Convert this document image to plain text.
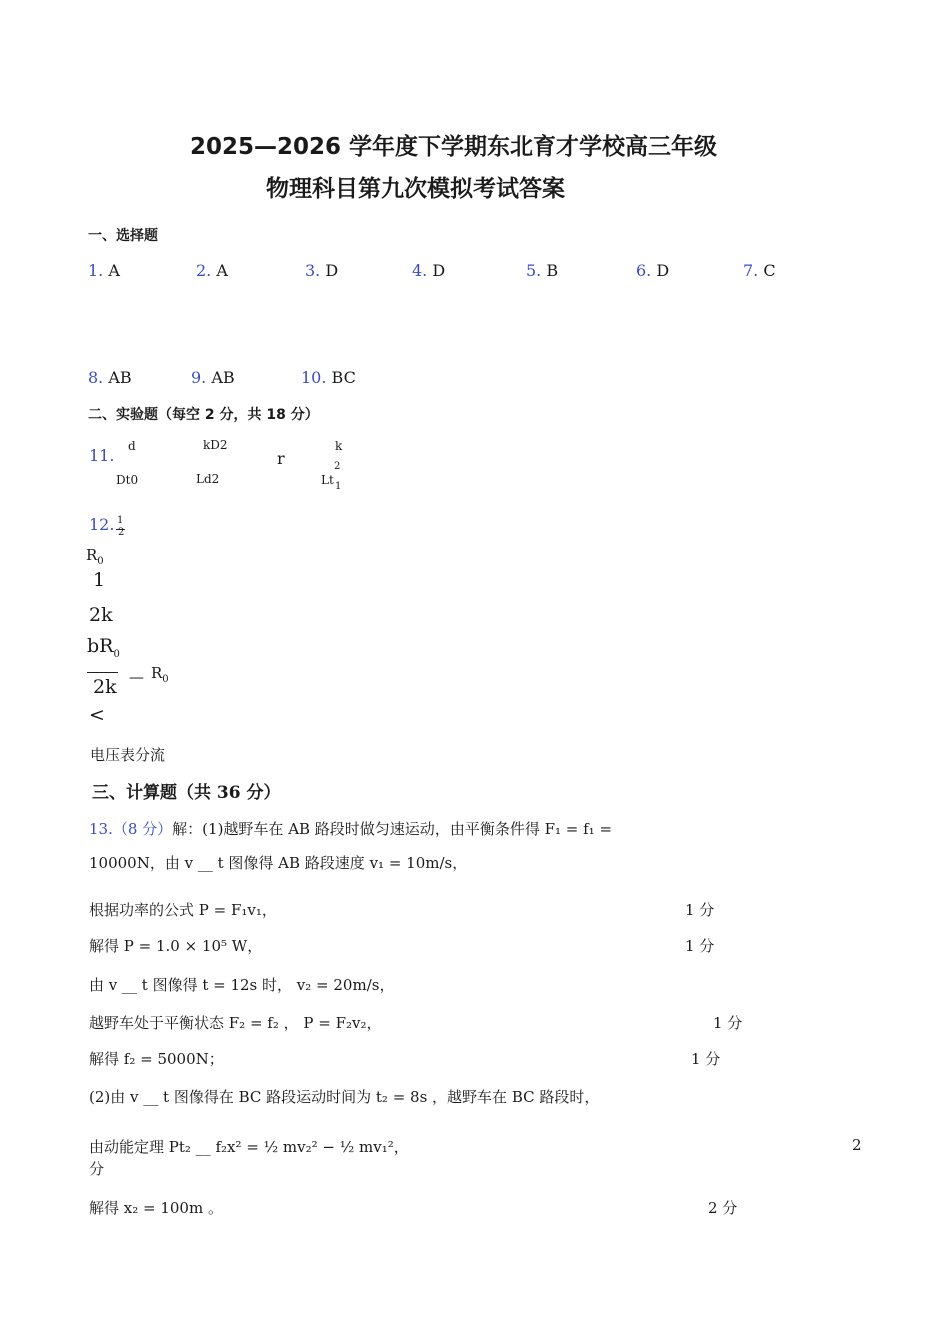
2025—2026 学年度下学期东北育才学校高三年级
物理科目第九次模拟考试答案
一、选择题
1. A	2. A	3. D	4. D	5. B	6. D	7. C
8. AB	9. AB	10. BC
二、实验题（每空 2 分，共 18 分）
11. d
Dt0
kD2
Ld2
r
k
2
Lt 1
12. 1
2
$R_0$
1
2k
$bR_0$
2k — $R_0$
<
电压表分流
三、计算题（共 36 分）
13.（8 分）解：(1)越野车在 AB 路段时做匀速运动，由平衡条件得 F₁ = f₁ =
10000N，由 v __ t 图像得 AB 路段速度 v₁ = 10m/s，
根据功率的公式 P = F₁v₁，	1 分
解得 P = 1.0 × 10⁵ W，	1 分
由 v __ t 图像得 t = 12s 时， v₂ = 20m/s，
越野车处于平衡状态 F₂ = f₂ ， P = F₂v₂，	1 分
解得 f₂ = 5000N；	1 分
(2)由 v __ t 图像得在 BC 路段运动时间为 t₂ = 8s ，越野车在 BC 路段时，
由动能定理 Pt₂ __ f₂x² = ½ mv₂² − ½ mv₁²，	2
分
解得 x₂ = 100m 。	2 分
